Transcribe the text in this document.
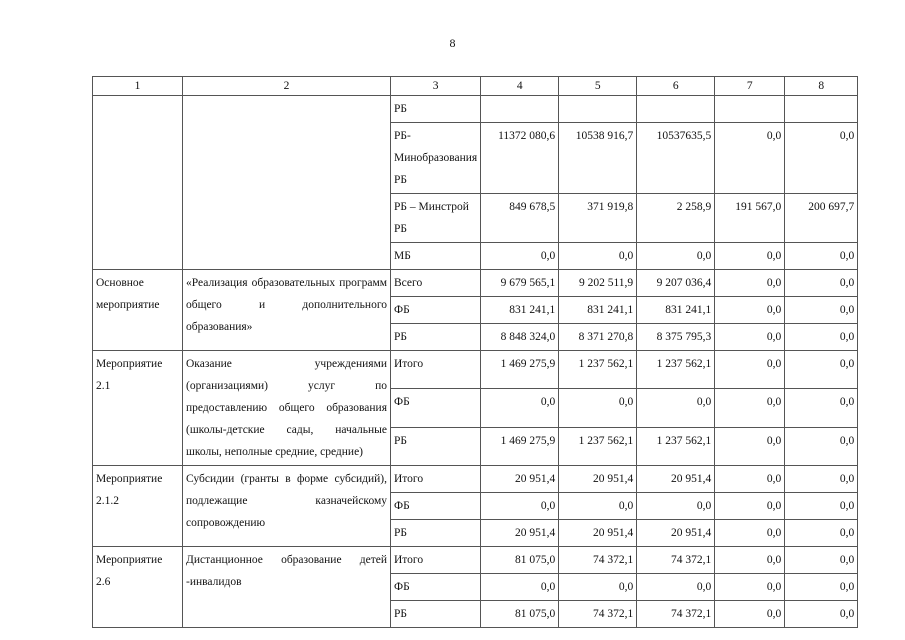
8
1	2	3	4	5	6	7	8
		РБ					
		РБ-Минобразования РБ	11372 080,6	10538 916,7	10537635,5	0,0	0,0
		РБ – Минстрой РБ	849 678,5	371 919,8	2 258,9	191 567,0	200 697,7
		МБ	0,0	0,0	0,0	0,0	0,0
Основное мероприятие	«Реализация образовательных программ общего и дополнительного образования»	Всего	9 679 565,1	9 202 511,9	9 207 036,4	0,0	0,0
		ФБ	831 241,1	831 241,1	831 241,1	0,0	0,0
		РБ	8 848 324,0	8 371 270,8	8 375 795,3	0,0	0,0
Мероприятие 2.1	Оказание учреждениями (организациями) услуг по предоставлению общего образования (школы-детские сады, начальные школы, неполные средние, средние)	Итого	1 469 275,9	1 237 562,1	1 237 562,1	0,0	0,0
		ФБ	0,0	0,0	0,0	0,0	0,0
		РБ	1 469 275,9	1 237 562,1	1 237 562,1	0,0	0,0
Мероприятие 2.1.2	Субсидии (гранты в форме субсидий), подлежащие казначейскому сопровождению	Итого	20 951,4	20 951,4	20 951,4	0,0	0,0
		ФБ	0,0	0,0	0,0	0,0	0,0
		РБ	20 951,4	20 951,4	20 951,4	0,0	0,0
Мероприятие 2.6	Дистанционное образование детей -инвалидов	Итого	81 075,0	74 372,1	74 372,1	0,0	0,0
		ФБ	0,0	0,0	0,0	0,0	0,0
		РБ	81 075,0	74 372,1	74 372,1	0,0	0,0
